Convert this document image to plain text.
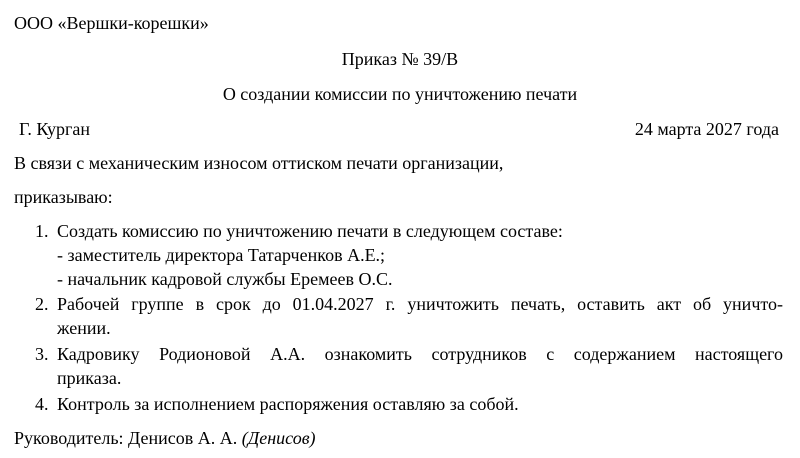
ООО «Вершки-корешки»
Приказ № 39/В
О создании комиссии по уничтожению печати
Г. Курган	24 марта 2027 года
В связи с механическим износом оттиском печати организации,
приказываю:
1. Создать комиссию по уничтожению печати в следующем составе:
- заместитель директора Татарченков А.Е.;
- начальник кадровой службы Еремеев О.С.
2. Рабочей группе в срок до 01.04.2027 г. уничтожить печать, оставить акт об уничто-
жении.
3. Кадровику Родионовой А.А. ознакомить сотрудников с содержанием настоящего
приказа.
4. Контроль за исполнением распоряжения оставляю за собой.
Руководитель: Денисов А. А. (Денисов)
